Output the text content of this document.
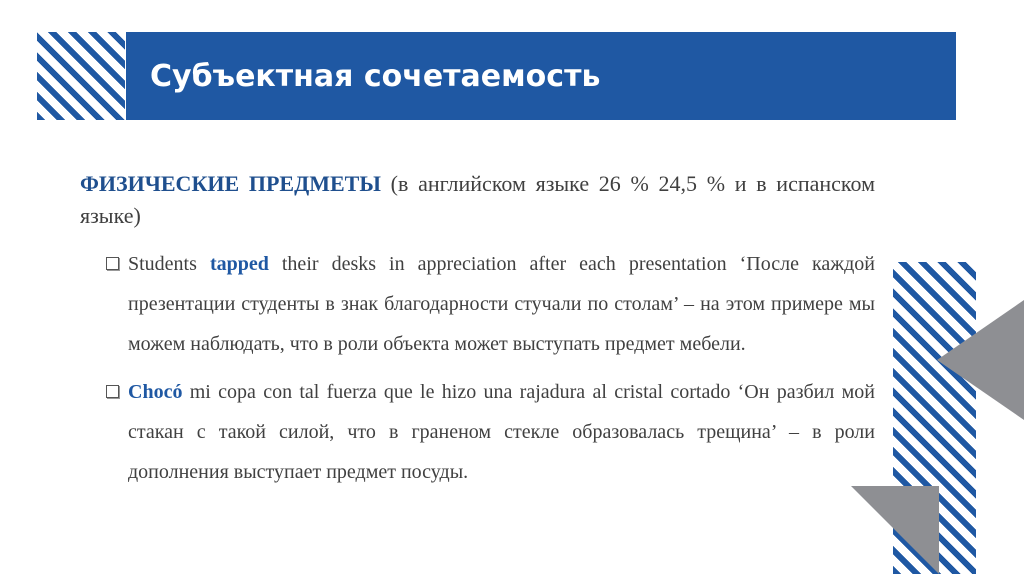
Субъектная сочетаемость
ФИЗИЧЕСКИЕ ПРЕДМЕТЫ (в английском языке 26 % 24,5 % и в испанском языке)
Students tapped their desks in appreciation after each presentation ‘После каждой презентации студенты в знак благодарности стучали по столам’ – на этом примере мы можем наблюдать, что в роли объекта может выступать предмет мебели.
Chocó mi copa con tal fuerza que le hizo una rajadura al cristal cortado ‘Он разбил мой стакан с такой силой, что в граненом стекле образовалась трещина’ – в роли дополнения выступает предмет посуды.
